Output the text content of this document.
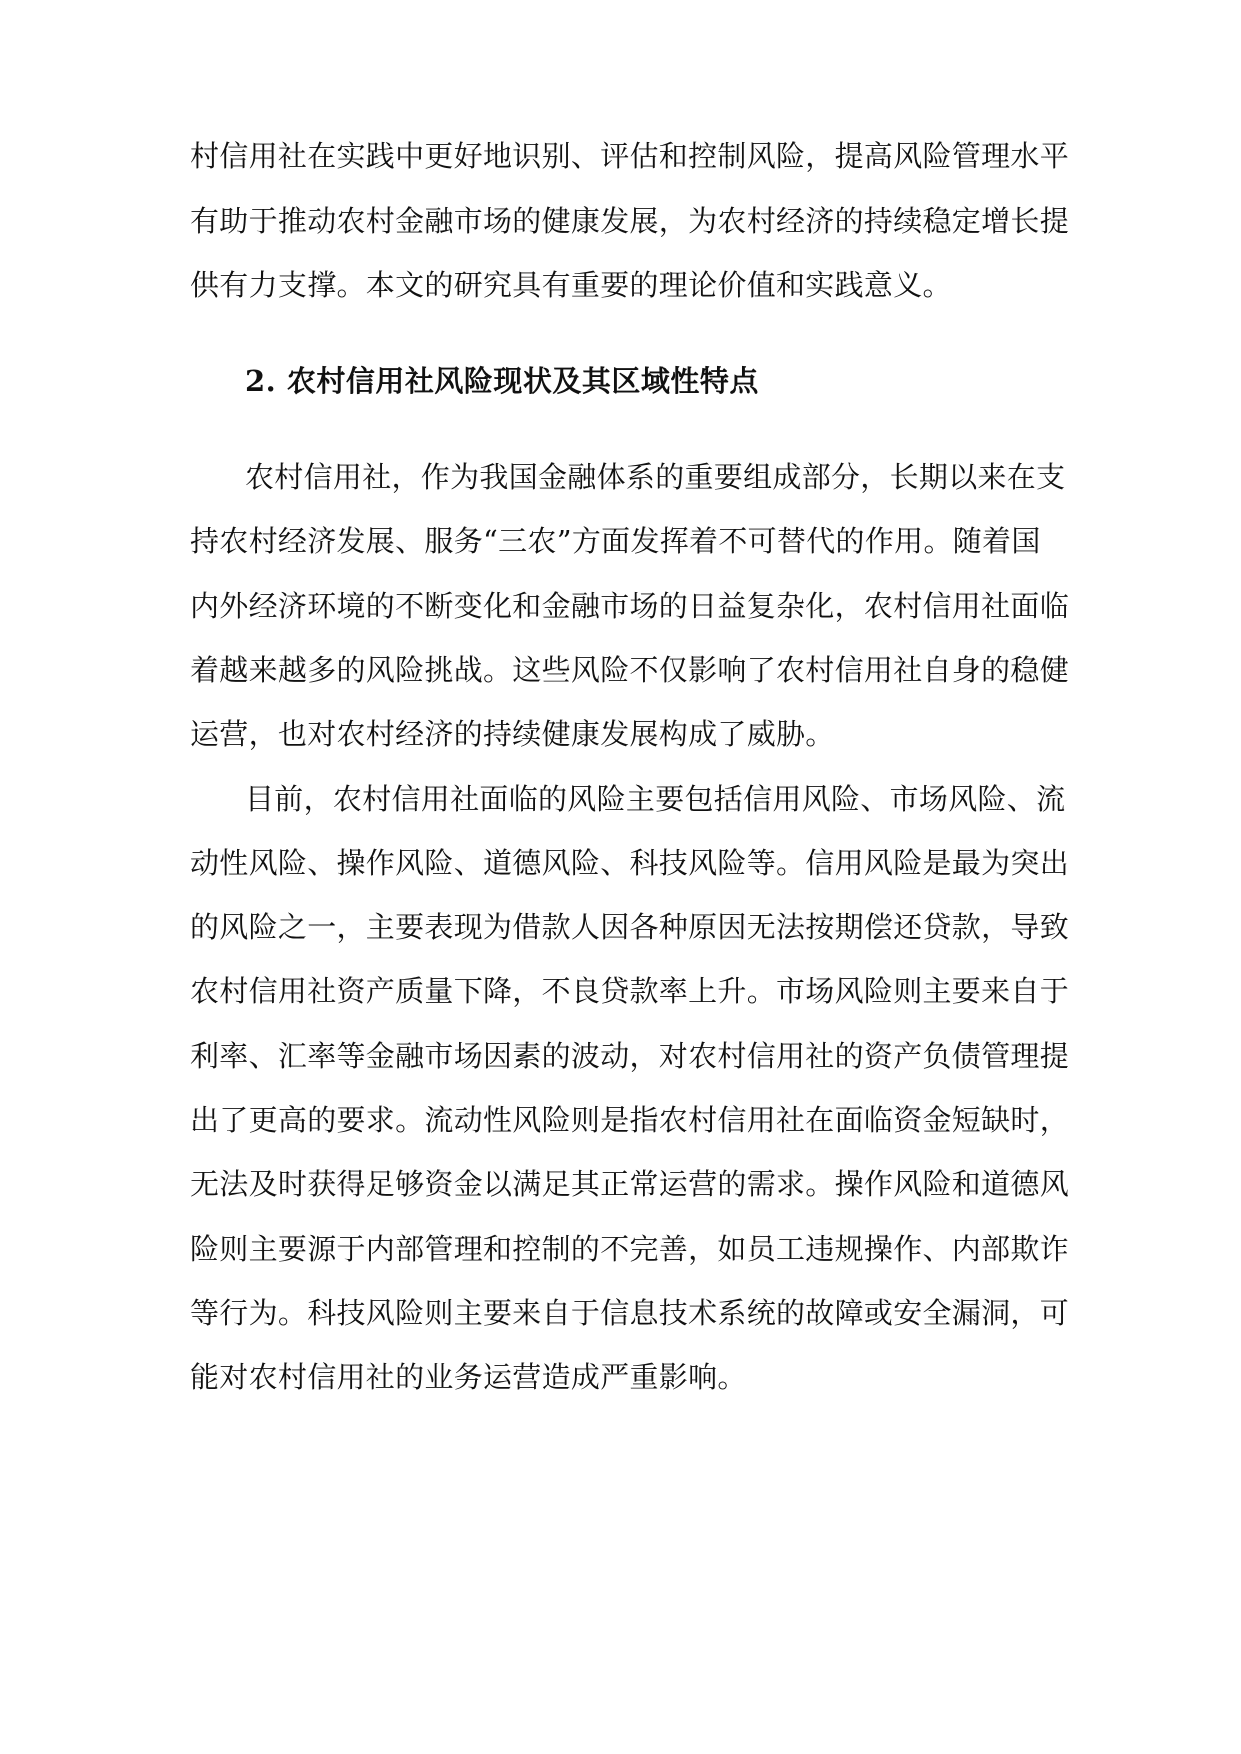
村信用社在实践中更好地识别、评估和控制风险，提高风险管理水平
有助于推动农村金融市场的健康发展，为农村经济的持续稳定增长提
供有力支撑。本文的研究具有重要的理论价值和实践意义。
2. 农村信用社风险现状及其区域性特点
农村信用社，作为我国金融体系的重要组成部分，长期以来在支
持农村经济发展、服务“三农”方面发挥着不可替代的作用。随着国
内外经济环境的不断变化和金融市场的日益复杂化，农村信用社面临
着越来越多的风险挑战。这些风险不仅影响了农村信用社自身的稳健
运营，也对农村经济的持续健康发展构成了威胁。
目前，农村信用社面临的风险主要包括信用风险、市场风险、流
动性风险、操作风险、道德风险、科技风险等。信用风险是最为突出
的风险之一，主要表现为借款人因各种原因无法按期偿还贷款，导致
农村信用社资产质量下降，不良贷款率上升。市场风险则主要来自于
利率、汇率等金融市场因素的波动，对农村信用社的资产负债管理提
出了更高的要求。流动性风险则是指农村信用社在面临资金短缺时，
无法及时获得足够资金以满足其正常运营的需求。操作风险和道德风
险则主要源于内部管理和控制的不完善，如员工违规操作、内部欺诈
等行为。科技风险则主要来自于信息技术系统的故障或安全漏洞，可
能对农村信用社的业务运营造成严重影响。
